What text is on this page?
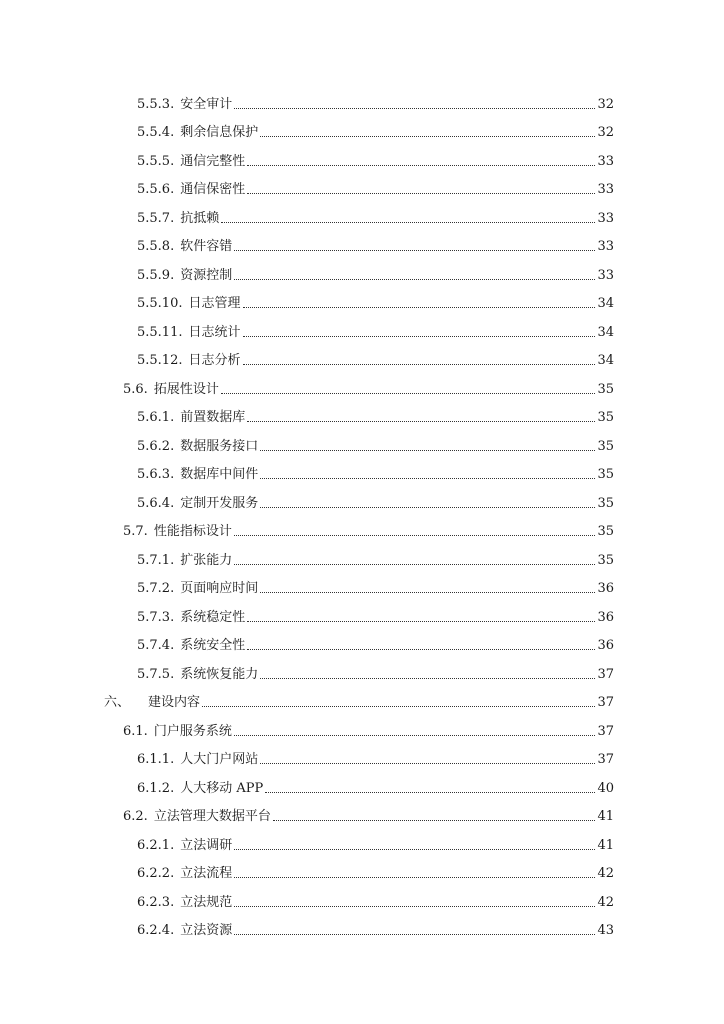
5.5.3. 安全审计	32
5.5.4. 剩余信息保护	32
5.5.5. 通信完整性	33
5.5.6. 通信保密性	33
5.5.7. 抗抵赖	33
5.5.8. 软件容错	33
5.5.9. 资源控制	33
5.5.10. 日志管理	34
5.5.11. 日志统计	34
5.5.12. 日志分析	34
5.6. 拓展性设计	35
5.6.1. 前置数据库	35
5.6.2. 数据服务接口	35
5.6.3. 数据库中间件	35
5.6.4. 定制开发服务	35
5.7. 性能指标设计	35
5.7.1. 扩张能力	35
5.7.2. 页面响应时间	36
5.7.3. 系统稳定性	36
5.7.4. 系统安全性	36
5.7.5. 系统恢复能力	37
六、 建设内容	37
6.1. 门户服务系统	37
6.1.1. 人大门户网站	37
6.1.2. 人大移动 APP	40
6.2. 立法管理大数据平台	41
6.2.1. 立法调研	41
6.2.2. 立法流程	42
6.2.3. 立法规范	42
6.2.4. 立法资源	43
